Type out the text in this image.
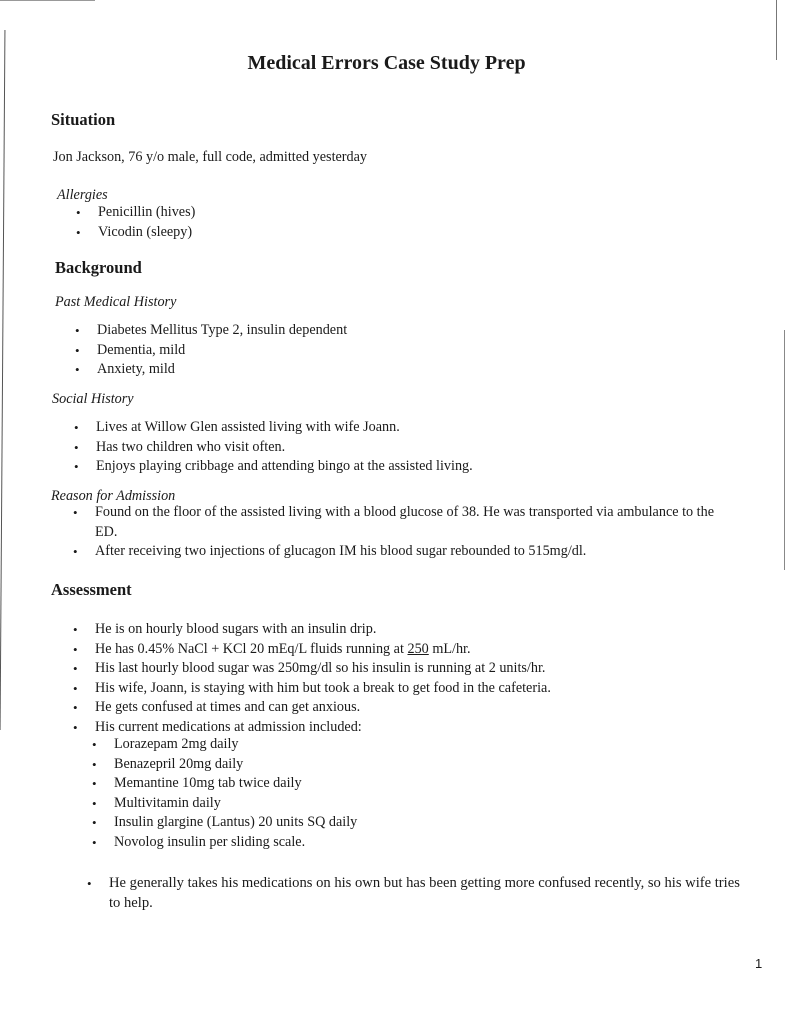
Medical Errors Case Study Prep
Situation
Jon Jackson, 76 y/o male, full code, admitted yesterday
Allergies
• Penicillin (hives)
• Vicodin (sleepy)
Background
Past Medical History
• Diabetes Mellitus Type 2, insulin dependent
• Dementia, mild
• Anxiety, mild
Social History
• Lives at Willow Glen assisted living with wife Joann.
• Has two children who visit often.
• Enjoys playing cribbage and attending bingo at the assisted living.
Reason for Admission
• Found on the floor of the assisted living with a blood glucose of 38. He was transported via ambulance to the ED.
• After receiving two injections of glucagon IM his blood sugar rebounded to 515mg/dl.
Assessment
• He is on hourly blood sugars with an insulin drip.
• He has 0.45% NaCl + KCl 20 mEq/L fluids running at 250 mL/hr.
• His last hourly blood sugar was 250mg/dl so his insulin is running at 2 units/hr.
• His wife, Joann, is staying with him but took a break to get food in the cafeteria.
• He gets confused at times and can get anxious.
• His current medications at admission included:
• Lorazepam 2mg daily
• Benazepril 20mg daily
• Memantine 10mg tab twice daily
• Multivitamin daily
• Insulin glargine (Lantus) 20 units SQ daily
• Novolog insulin per sliding scale.
• He generally takes his medications on his own but has been getting more confused recently, so his wife tries to help.
1
